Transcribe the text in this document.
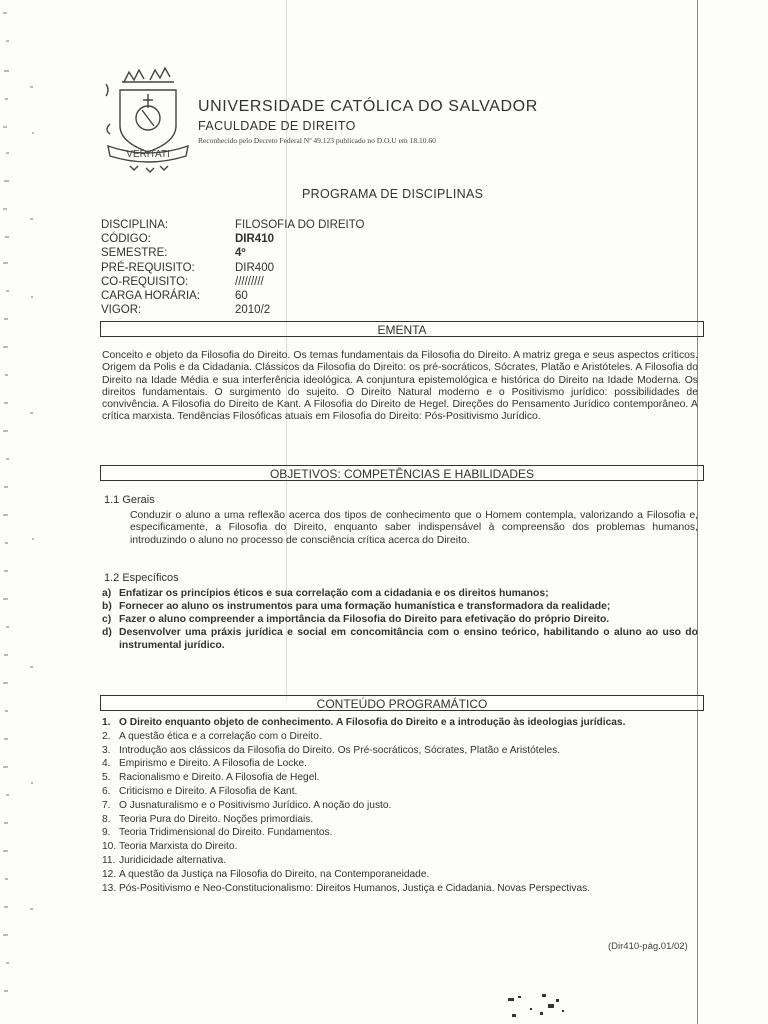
VERITATI
UNIVERSIDADE CATÓLICA DO SALVADOR
FACULDADE DE DIREITO
Reconhecido pelo Decreto Federal Nº 49.123 publicado no D.O.U em 18.10.60
PROGRAMA DE DISCIPLINAS
DISCIPLINA:	FILOSOFIA DO DIREITO
CÓDIGO:	DIR410
SEMESTRE:	4º
PRÉ-REQUISITO:	DIR400
CO-REQUISITO:	/////////
CARGA HORÁRIA:	60
VIGOR:	2010/2
EMENTA
Conceito e objeto da Filosofia do Direito. Os temas fundamentais da Filosofia do Direito. A matriz grega e seus aspectos críticos. Origem da Polis e da Cidadania. Clássicos da Filosofia do Direito: os pré-socráticos, Sócrates, Platão e Aristóteles. A Filosofia do Direito na Idade Média e sua interferência ideológica. A conjuntura epistemológica e histórica do Direito na Idade Moderna. Os direitos fundamentais. O surgimento do sujeito. O Direito Natural moderno e o Positivismo jurídico: possibilidades de convivência. A Filosofia do Direito de Kant. A Filosofia do Direito de Hegel. Direções do Pensamento Jurídico contemporâneo. A crítica marxista. Tendências Filosóficas atuais em Filosofia do Direito: Pós-Positivismo Jurídico.
OBJETIVOS: COMPETÊNCIAS E HABILIDADES
1.1 Gerais
Conduzir o aluno a uma reflexão acerca dos tipos de conhecimento que o Homem contempla, valorizando a Filosofia e, especificamente, a Filosofia do Direito, enquanto saber indispensável à compreensão dos problemas humanos, introduzindo o aluno no processo de consciência crítica acerca do Direito.
1.2 Específicos
a) Enfatizar os princípios éticos e sua correlação com a cidadania e os direitos humanos;
b) Fornecer ao aluno os instrumentos para uma formação humanística e transformadora da realidade;
c) Fazer o aluno compreender a importância da Filosofia do Direito para efetivação do próprio Direito.
d) Desenvolver uma práxis jurídica e social em concomitância com o ensino teórico, habilitando o aluno ao uso do instrumental jurídico.
CONTEÚDO PROGRAMÁTICO
1. O Direito enquanto objeto de conhecimento. A Filosofia do Direito e a introdução às ideologias jurídicas.
2. A questão ética e a correlação com o Direito.
3. Introdução aos clássicos da Filosofia do Direito. Os Pré-socráticos, Sócrates, Platão e Aristóteles.
4. Empirismo e Direito. A Filosofia de Locke.
5. Racionalismo e Direito. A Filosofia de Hegel.
6. Criticismo e Direito. A Filosofia de Kant.
7. O Jusnaturalismo e o Positivismo Jurídico. A noção do justo.
8. Teoria Pura do Direito. Noções primordiais.
9. Teoria Tridimensional do Direito. Fundamentos.
10. Teoria Marxista do Direito.
11. Juridicidade alternativa.
12. A questão da Justiça na Filosofia do Direito, na Contemporaneidade.
13. Pós-Positivismo e Neo-Constitucionalismo: Direitos Humanos, Justiça e Cidadania. Novas Perspectivas.
(Dir410-pág.01/02)
